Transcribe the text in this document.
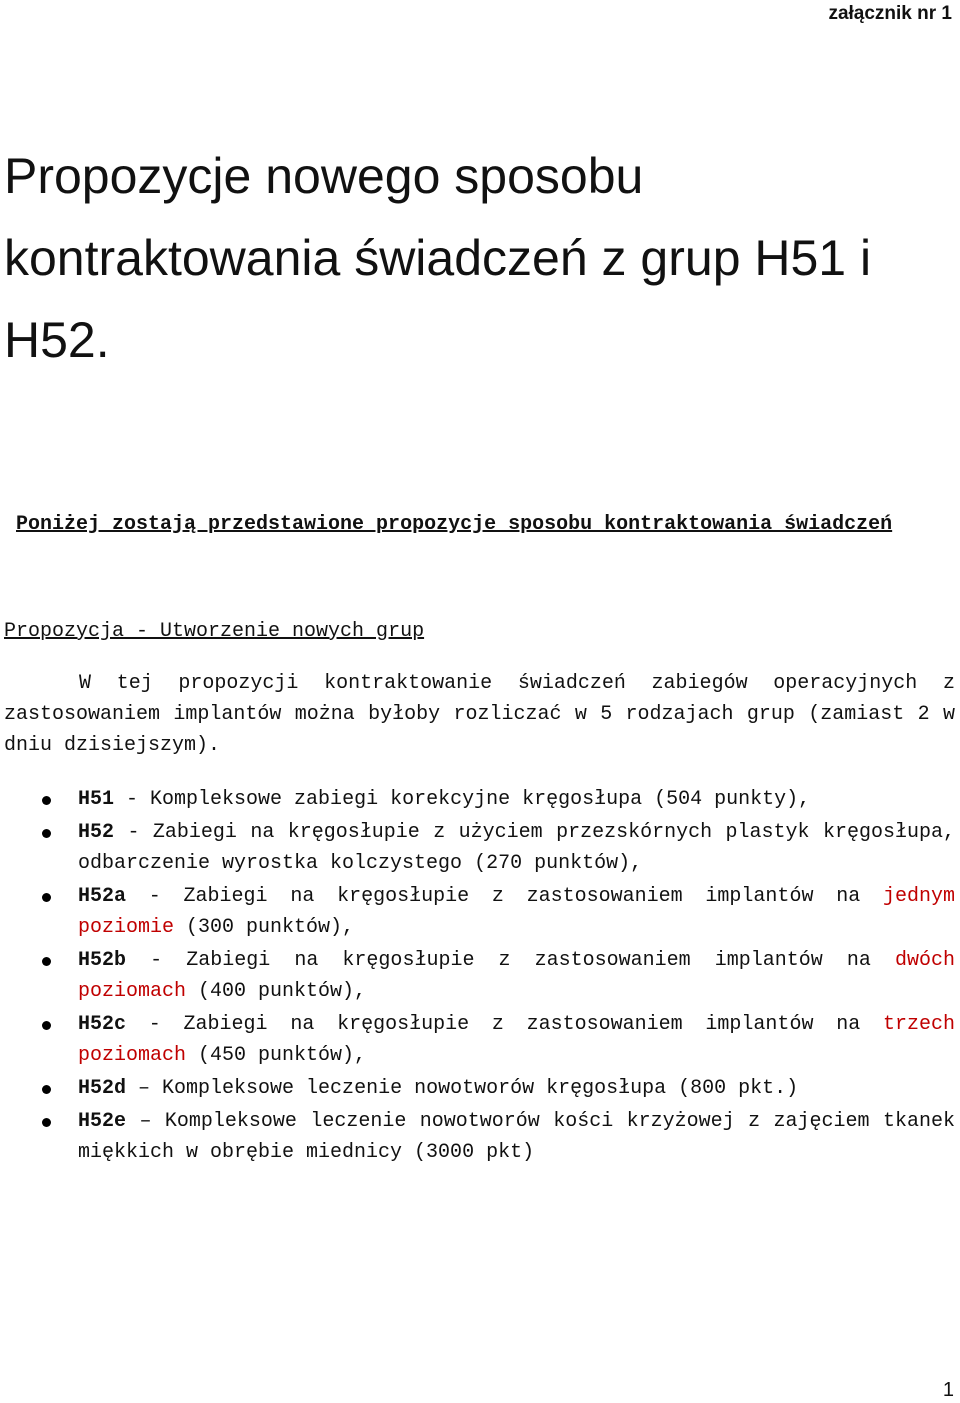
załącznik nr 1
Propozycje nowego sposobu kontraktowania świadczeń z grup H51 i H52.
Poniżej zostają przedstawione propozycje sposobu kontraktowania świadczeń
Propozycja - Utworzenie nowych grup

W tej propozycji kontraktowanie świadczeń zabiegów operacyjnych z zastosowaniem implantów można byłoby rozliczać w 5 rodzajach grup (zamiast 2 w dniu dzisiejszym).

H51 - Kompleksowe zabiegi korekcyjne kręgosłupa (504 punkty),
H52 - Zabiegi na kręgosłupie z użyciem przezskórnych plastyk kręgosłupa, odbarczenie wyrostka kolczystego (270 punktów),
H52a - Zabiegi na kręgosłupie z zastosowaniem implantów na jednym poziomie (300 punktów),
H52b - Zabiegi na kręgosłupie z zastosowaniem implantów na dwóch poziomach (400 punktów),
H52c - Zabiegi na kręgosłupie z zastosowaniem implantów na trzech poziomach (450 punktów),
H52d – Kompleksowe leczenie nowotworów kręgosłupa (800 pkt.)
H52e – Kompleksowe leczenie nowotworów kości krzyżowej z zajęciem tkanek miękkich w obrębie miednicy (3000 pkt)
1
